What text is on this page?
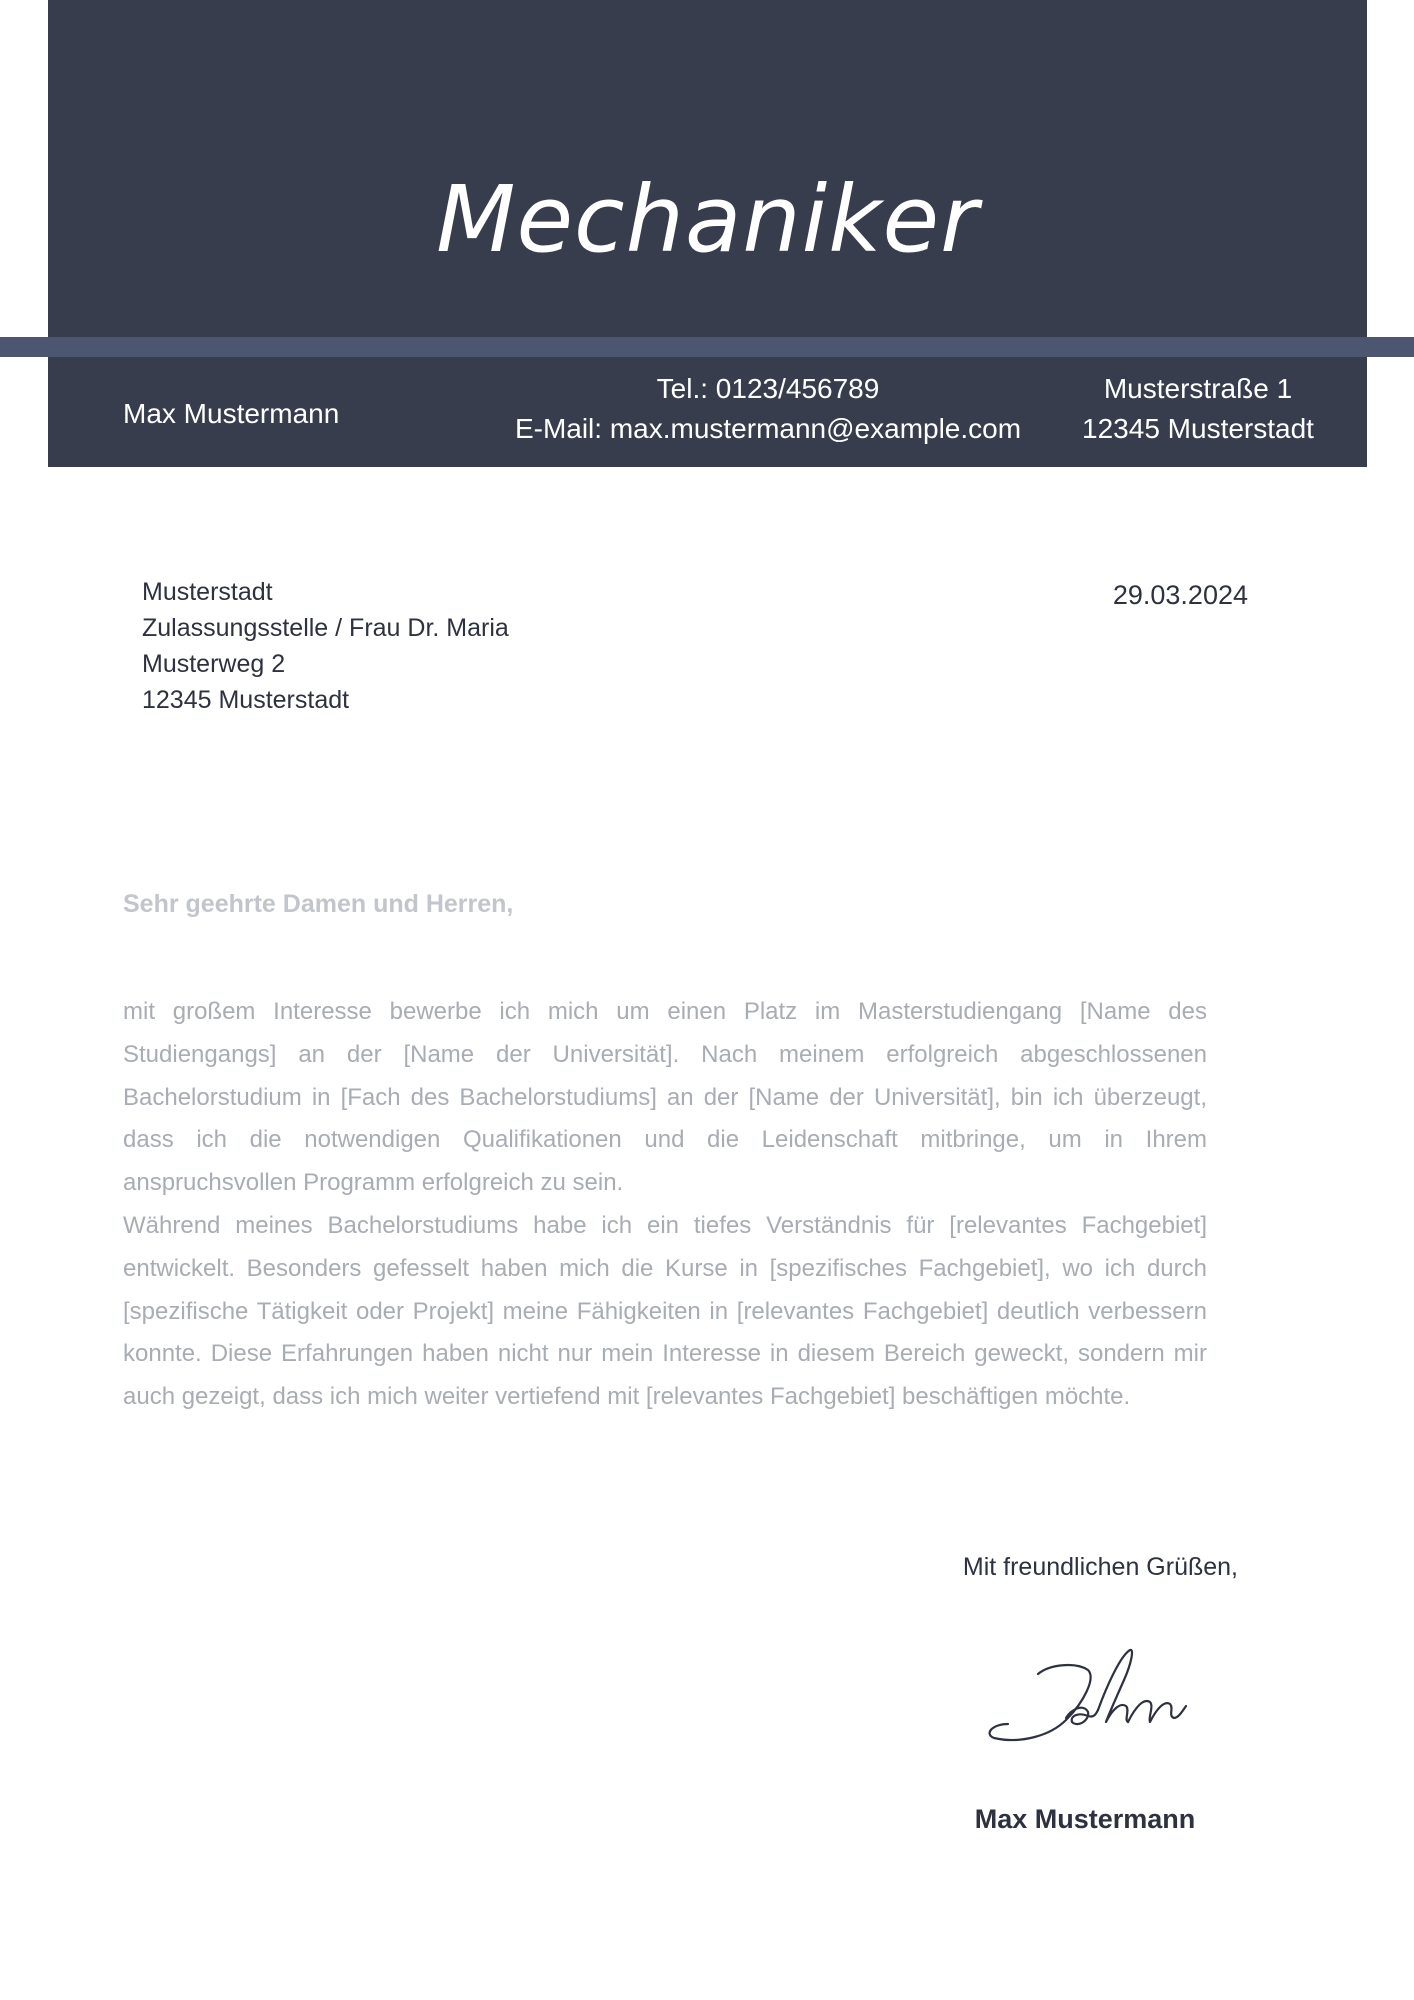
Mechaniker
Max Mustermann
Tel.: 0123/456789
E-Mail: max.mustermann@example.com
Musterstraße 1
12345 Musterstadt
Musterstadt
Zulassungsstelle / Frau Dr. Maria
Musterweg 2
12345 Musterstadt
29.03.2024
Sehr geehrte Damen und Herren,

mit großem Interesse bewerbe ich mich um einen Platz im Masterstudiengang [Name des Studiengangs] an der [Name der Universität]. Nach meinem erfolgreich abgeschlossenen Bachelorstudium in [Fach des Bachelorstudiums] an der [Name der Universität], bin ich überzeugt, dass ich die notwendigen Qualifikationen und die Leidenschaft mitbringe, um in Ihrem anspruchsvollen Programm erfolgreich zu sein.

Während meines Bachelorstudiums habe ich ein tiefes Verständnis für [relevantes Fachgebiet] entwickelt. Besonders gefesselt haben mich die Kurse in [spezifisches Fachgebiet], wo ich durch [spezifische Tätigkeit oder Projekt] meine Fähigkeiten in [relevantes Fachgebiet] deutlich verbessern konnte. Diese Erfahrungen haben nicht nur mein Interesse in diesem Bereich geweckt, sondern mir auch gezeigt, dass ich mich weiter vertiefend mit [relevantes Fachgebiet] beschäftigen möchte.

Mit freundlichen Grüßen,
Max Mustermann
